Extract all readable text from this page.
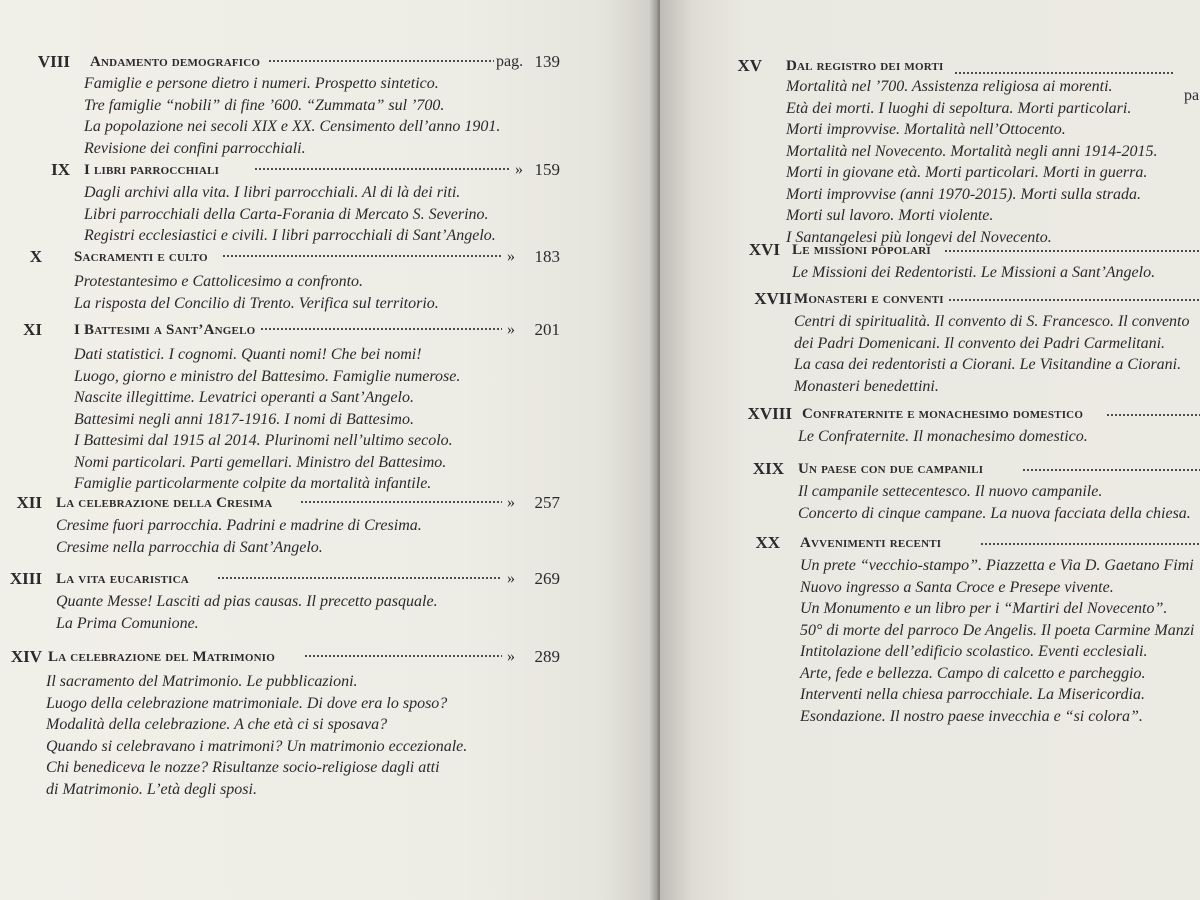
VIII Andamento demografico	pag. 139
Famiglie e persone dietro i numeri. Prospetto sintetico.
Tre famiglie “nobili” di fine ’600. “Zummata” sul ’700.
La popolazione nei secoli XIX e XX. Censimento dell’anno 1901.
Revisione dei confini parrocchiali.
IX I libri parrocchiali	» 159
Dagli archivi alla vita. I libri parrocchiali. Al di là dei riti.
Libri parrocchiali della Carta-Forania di Mercato S. Severino.
Registri ecclesiastici e civili. I libri parrocchiali di Sant’Angelo.
X Sacramenti e culto	»	183
Protestantesimo e Cattolicesimo a confronto.
La risposta del Concilio di Trento. Verifica sul territorio.
XI I Battesimi a Sant’Angelo	»	201
Dati statistici. I cognomi. Quanti nomi! Che bei nomi!
Luogo, giorno e ministro del Battesimo. Famiglie numerose.
Nascite illegittime. Levatrici operanti a Sant’Angelo.
Battesimi negli anni 1817-1916. I nomi di Battesimo.
I Battesimi dal 1915 al 2014. Plurinomi nell’ultimo secolo.
Nomi particolari. Parti gemellari. Ministro del Battesimo.
Famiglie particolarmente colpite da mortalità infantile.
XII La celebrazione della Cresima	»	257
Cresime fuori parrocchia. Padrini e madrine di Cresima.
Cresime nella parrocchia di Sant’Angelo.
XIII La vita eucaristica	»	269
Quante Messe! Lasciti ad pias causas. Il precetto pasquale.
La Prima Comunione.
XIV La celebrazione del Matrimonio	»	289
Il sacramento del Matrimonio. Le pubblicazioni.
Luogo della celebrazione matrimoniale. Di dove era lo sposo?
Modalità della celebrazione. A che età ci si sposava?
Quando si celebravano i matrimoni? Un matrimonio eccezionale.
Chi benediceva le nozze? Risultanze socio-religiose dagli atti
di Matrimonio. L’età degli sposi.
XV Dal registro dei morti
pa
Mortalità nel ’700. Assistenza religiosa ai morenti.
Età dei morti. I luoghi di sepoltura. Morti particolari.
Morti improvvise. Mortalità nell’Ottocento.
Mortalità nel Novecento. Mortalità negli anni 1914-2015.
Morti in giovane età. Morti particolari. Morti in guerra.
Morti improvvise (anni 1970-2015). Morti sulla strada.
Morti sul lavoro. Morti violente.
I Santangelesi più longevi del Novecento.
XVI Le missioni popolari
Le Missioni dei Redentoristi. Le Missioni a Sant’Angelo.
XVII Monasteri e conventi
Centri di spiritualità. Il convento di S. Francesco. Il convento
dei Padri Domenicani. Il convento dei Padri Carmelitani.
La casa dei redentoristi a Ciorani. Le Visitandine a Ciorani.
Monasteri benedettini.
XVIII Confraternite e monachesimo domestico
Le Confraternite. Il monachesimo domestico.
XIX Un paese con due campanili
Il campanile settecentesco. Il nuovo campanile.
Concerto di cinque campane. La nuova facciata della chiesa.
XX Avvenimenti recenti
Un prete “vecchio-stampo”. Piazzetta e Via D. Gaetano Fimi
Nuovo ingresso a Santa Croce e Presepe vivente.
Un Monumento e un libro per i “Martiri del Novecento”.
50° di morte del parroco De Angelis. Il poeta Carmine Manzi
Intitolazione dell’edificio scolastico. Eventi ecclesiali.
Arte, fede e bellezza. Campo di calcetto e parcheggio.
Interventi nella chiesa parrocchiale. La Misericordia.
Esondazione. Il nostro paese invecchia e “si colora”.
